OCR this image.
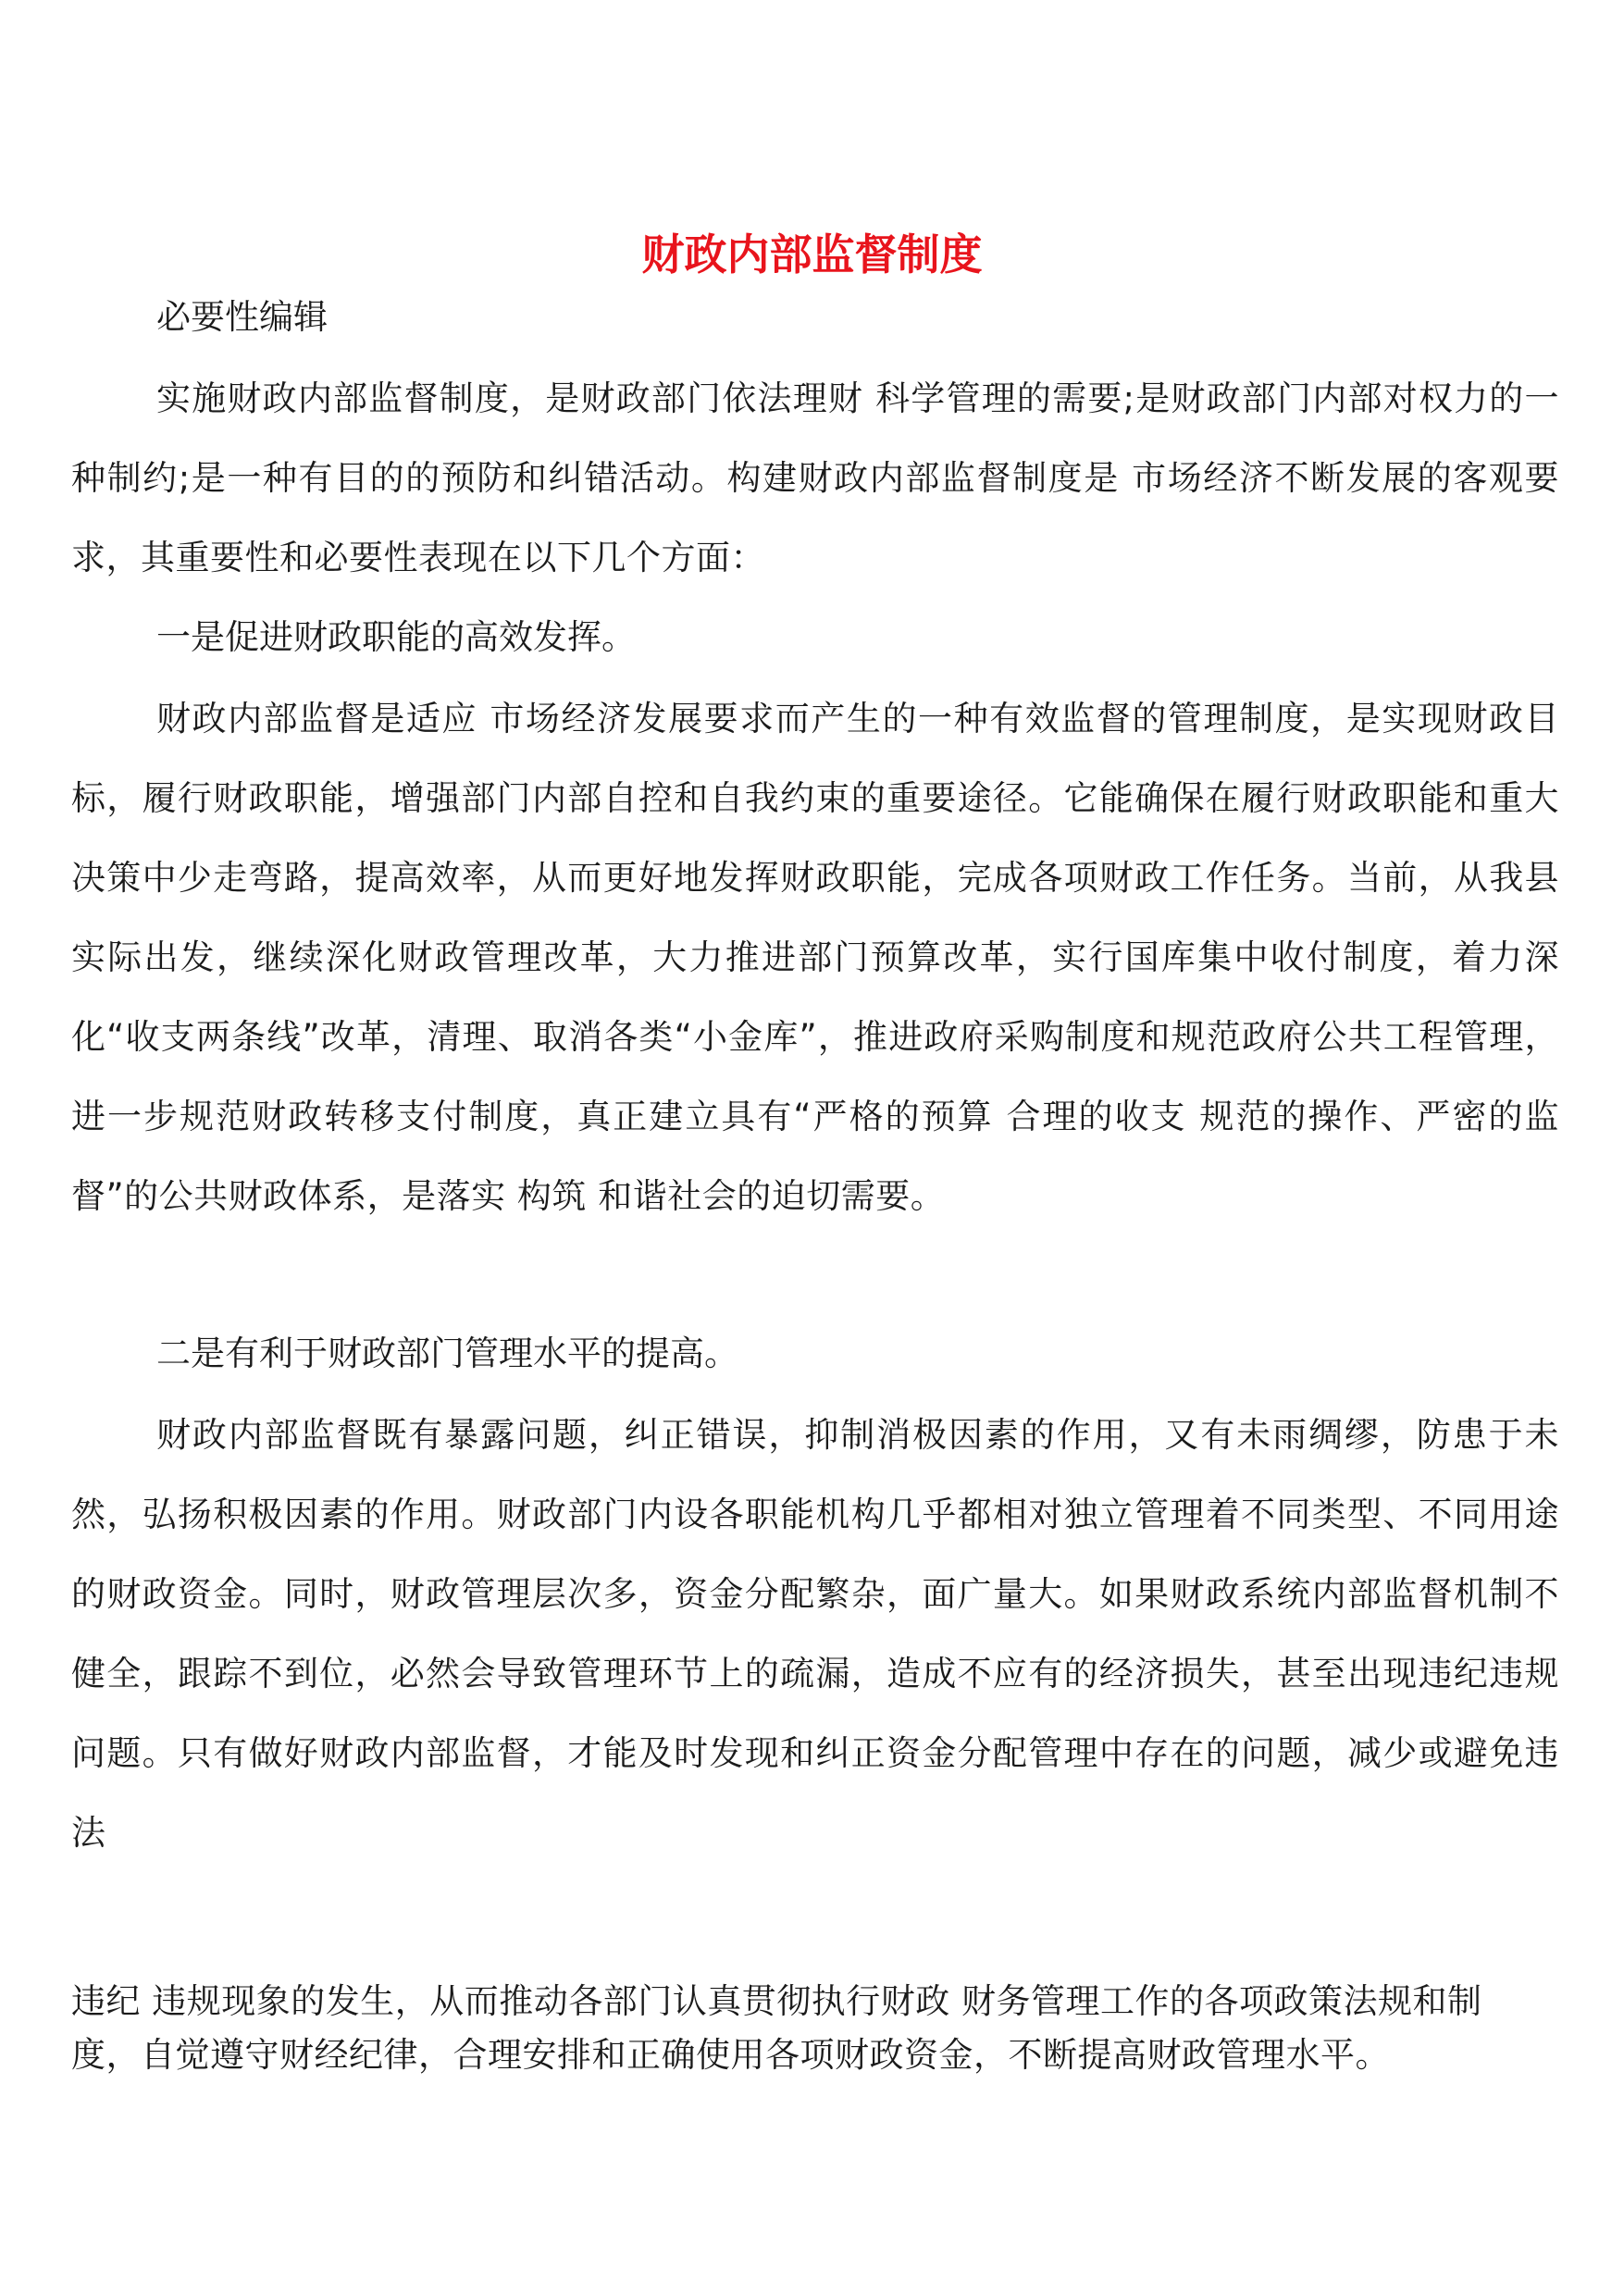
财政内部监督制度

必要性编辑

实施财政内部监督制度，是财政部门依法理财 科学管理的需要;是财政部门内部对权力的一种制约;是一种有目的的预防和纠错活动。构建财政内部监督制度是 市场经济不断发展的客观要求，其重要性和必要性表现在以下几个方面：

一是促进财政职能的高效发挥。

财政内部监督是适应 市场经济发展要求而产生的一种有效监督的管理制度，是实现财政目标，履行财政职能，增强部门内部自控和自我约束的重要途径。它能确保在履行财政职能和重大决策中少走弯路，提高效率，从而更好地发挥财政职能，完成各项财政工作任务。当前，从我县实际出发，继续深化财政管理改革，大力推进部门预算改革，实行国库集中收付制度，着力深化“收支两条线”改革，清理、取消各类“小金库”，推进政府采购制度和规范政府公共工程管理，进一步规范财政转移支付制度，真正建立具有“严格的预算 合理的收支 规范的操作、严密的监督”的公共财政体系，是落实 构筑 和谐社会的迫切需要。

二是有利于财政部门管理水平的提高。

财政内部监督既有暴露问题，纠正错误，抑制消极因素的作用，又有未雨绸缪，防患于未然，弘扬积极因素的作用。财政部门内设各职能机构几乎都相对独立管理着不同类型、不同用途的财政资金。同时，财政管理层次多，资金分配繁杂，面广量大。如果财政系统内部监督机制不健全，跟踪不到位，必然会导致管理环节上的疏漏，造成不应有的经济损失，甚至出现违纪违规问题。只有做好财政内部监督，才能及时发现和纠正资金分配管理中存在的问题，减少或避免违法

违纪 违规现象的发生，从而推动各部门认真贯彻执行财政 财务管理工作的各项政策法规和制度，自觉遵守财经纪律，合理安排和正确使用各项财政资金，不断提高财政管理水平。
